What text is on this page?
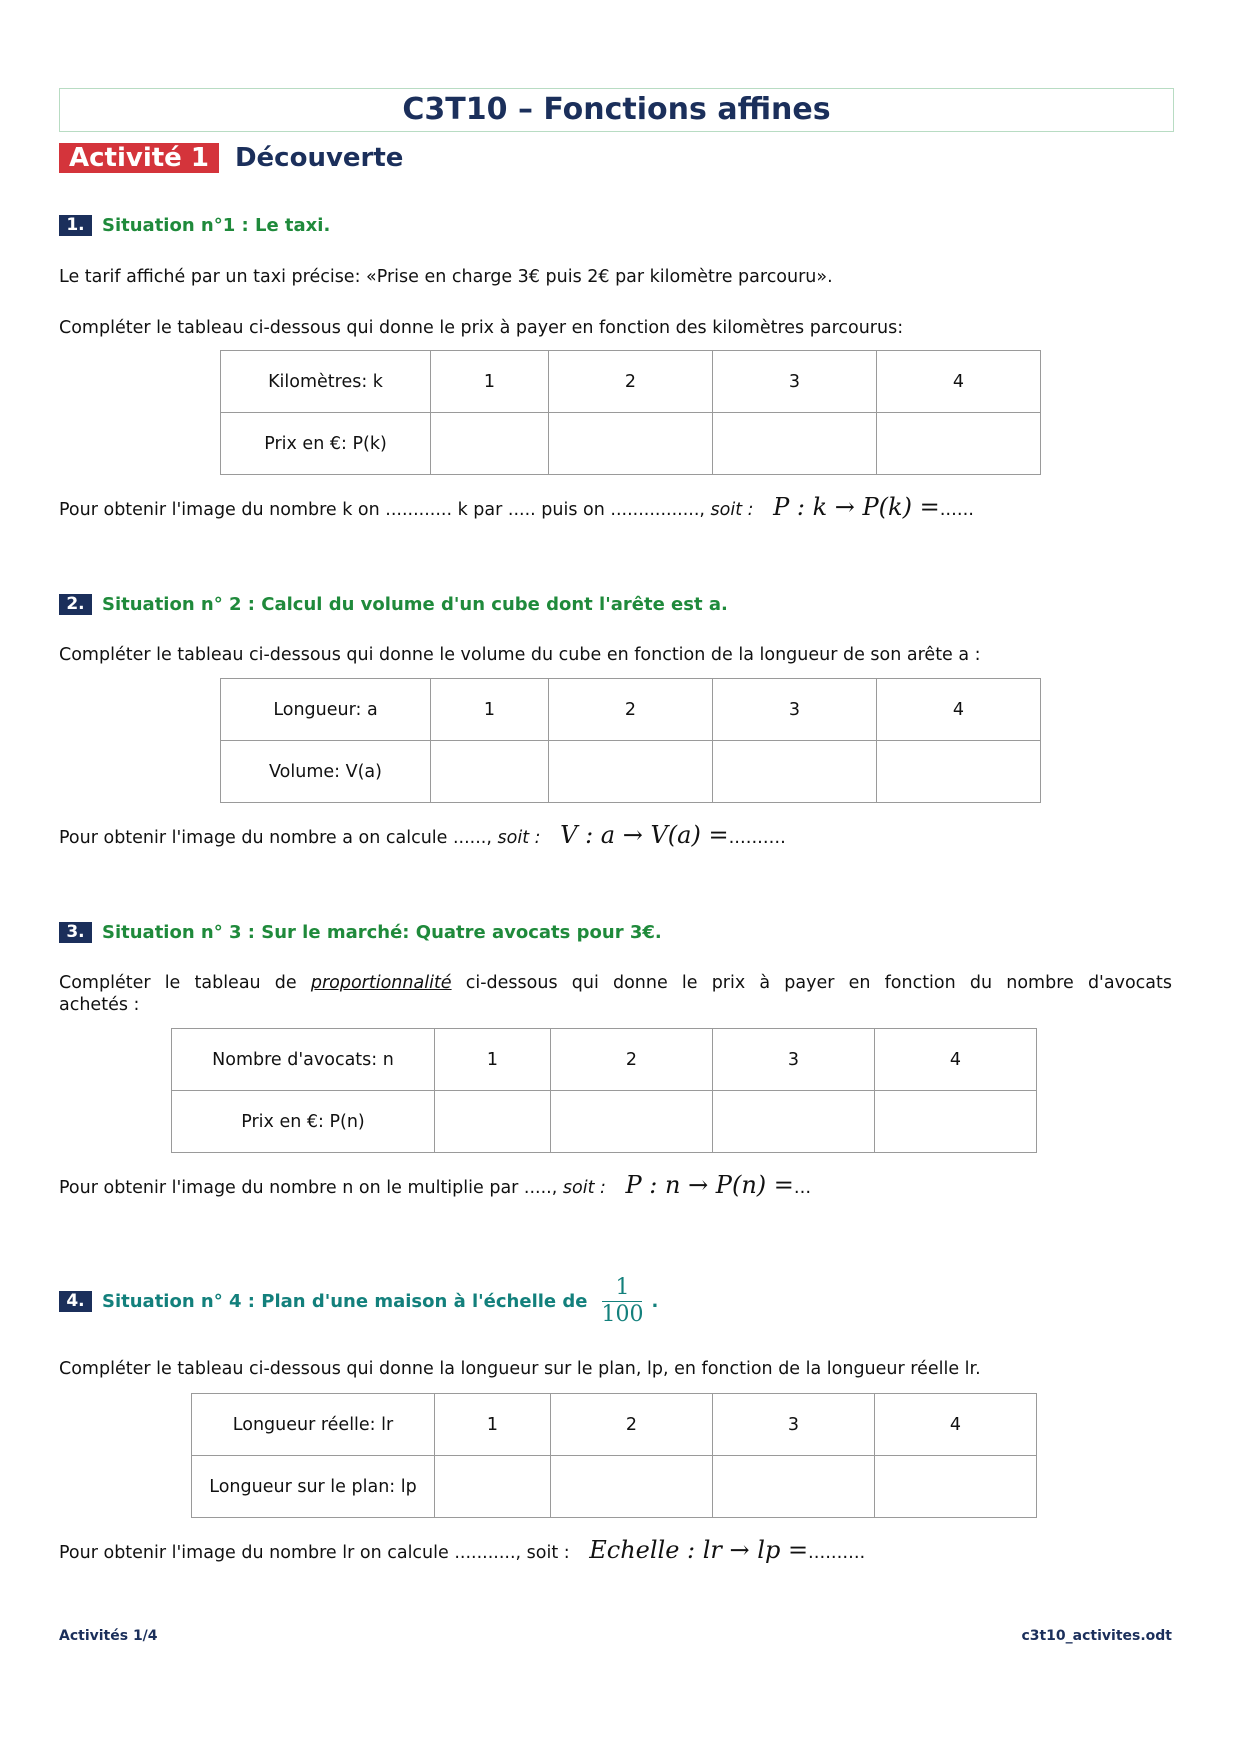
C3T10 – Fonctions affines
Activité 1	Découverte
1. Situation n°1 : Le taxi.
Le tarif affiché par un taxi précise: «Prise en charge 3€ puis 2€ par kilomètre parcouru».
Compléter le tableau ci-dessous qui donne le prix à payer en fonction des kilomètres parcourus:
Kilomètres: k	1	2	3	4
Prix en €: P(k)				
Pour obtenir l'image du nombre k on ............ k par ..... puis on ................, soit : P : k → P(k) =......
2. Situation n° 2 : Calcul du volume d'un cube dont l'arête est a.
Compléter le tableau ci-dessous qui donne le volume du cube en fonction de la longueur de son arête a :
Longueur: a	1	2	3	4
Volume: V(a)				
Pour obtenir l'image du nombre a on calcule ......, soit : V : a → V(a) =..........
3. Situation n° 3 : Sur le marché: Quatre avocats pour 3€.
Compléter le tableau de proportionnalité ci-dessous qui donne le prix à payer en fonction du nombre d'avocats
achetés :
Nombre d'avocats: n	1	2	3	4
Prix en €: P(n)				
Pour obtenir l'image du nombre n on le multiplie par ....., soit : P : n → P(n) =...
4. Situation n° 4 : Plan d'une maison à l'échelle de $\frac{1}{100}$ .
Compléter le tableau ci-dessous qui donne la longueur sur le plan, lp, en fonction de la longueur réelle lr.
Longueur réelle: lr	1	2	3	4
Longueur sur le plan: lp				
Pour obtenir l'image du nombre lr on calcule ..........., soit : Echelle : lr → lp =..........
Activités 1/4	c3t10_activites.odt
